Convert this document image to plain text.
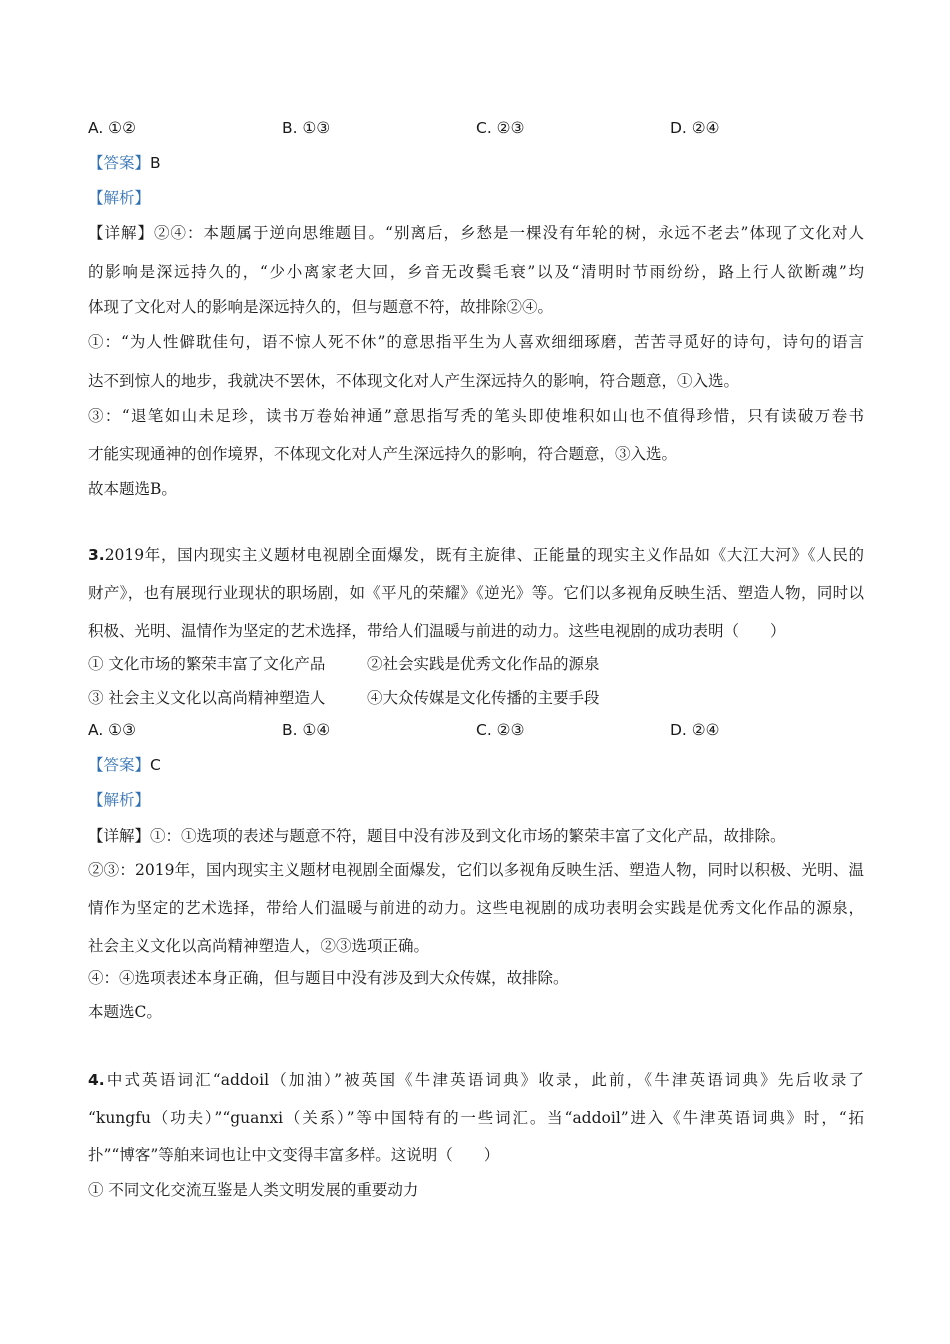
A. ①②	B. ①③	C. ②③	D. ②④
【答案】B
【解析】
【详解】②④：本题属于逆向思维题目。“别离后，乡愁是一棵没有年轮的树，永远不老去”体现了文化对人
的影响是深远持久的，“少小离家老大回，乡音无改鬓毛衰”以及“清明时节雨纷纷，路上行人欲断魂”均
体现了文化对人的影响是深远持久的，但与题意不符，故排除②④。
①：“为人性僻耽佳句，语不惊人死不休”的意思指平生为人喜欢细细琢磨，苦苦寻觅好的诗句，诗句的语言
达不到惊人的地步，我就决不罢休，不体现文化对人产生深远持久的影响，符合题意，①入选。
③：“退笔如山未足珍，读书万卷始神通”意思指写秃的笔头即使堆积如山也不值得珍惜，只有读破万卷书
才能实现通神的创作境界，不体现文化对人产生深远持久的影响，符合题意，③入选。
故本题选B。
3.2019年，国内现实主义题材电视剧全面爆发，既有主旋律、正能量的现实主义作品如《大江大河》《人民的
财产》，也有展现行业现状的职场剧，如《平凡的荣耀》《逆光》等。它们以多视角反映生活、塑造人物，同时以
积极、光明、温情作为坚定的艺术选择，带给人们温暖与前进的动力。这些电视剧的成功表明（　　）
① 文化市场的繁荣丰富了文化产品	②社会实践是优秀文化作品的源泉
③ 社会主义文化以高尚精神塑造人	④大众传媒是文化传播的主要手段
A. ①③	B. ①④	C. ②③	D. ②④
【答案】C
【解析】
【详解】①：①选项的表述与题意不符，题目中没有涉及到文化市场的繁荣丰富了文化产品，故排除。
②③：2019年，国内现实主义题材电视剧全面爆发，它们以多视角反映生活、塑造人物，同时以积极、光明、温
情作为坚定的艺术选择，带给人们温暖与前进的动力。这些电视剧的成功表明会实践是优秀文化作品的源泉，
社会主义文化以高尚精神塑造人，②③选项正确。
④：④选项表述本身正确，但与题目中没有涉及到大众传媒，故排除。
本题选C。
4.中式英语词汇“addoil（加油）”被英国《牛津英语词典》收录，此前，《牛津英语词典》先后收录了
“kungfu（功夫）”“guanxi（关系）”等中国特有的一些词汇。当“addoil”进入《牛津英语词典》时，“拓
扑”“博客”等舶来词也让中文变得丰富多样。这说明（　　）
① 不同文化交流互鉴是人类文明发展的重要动力
